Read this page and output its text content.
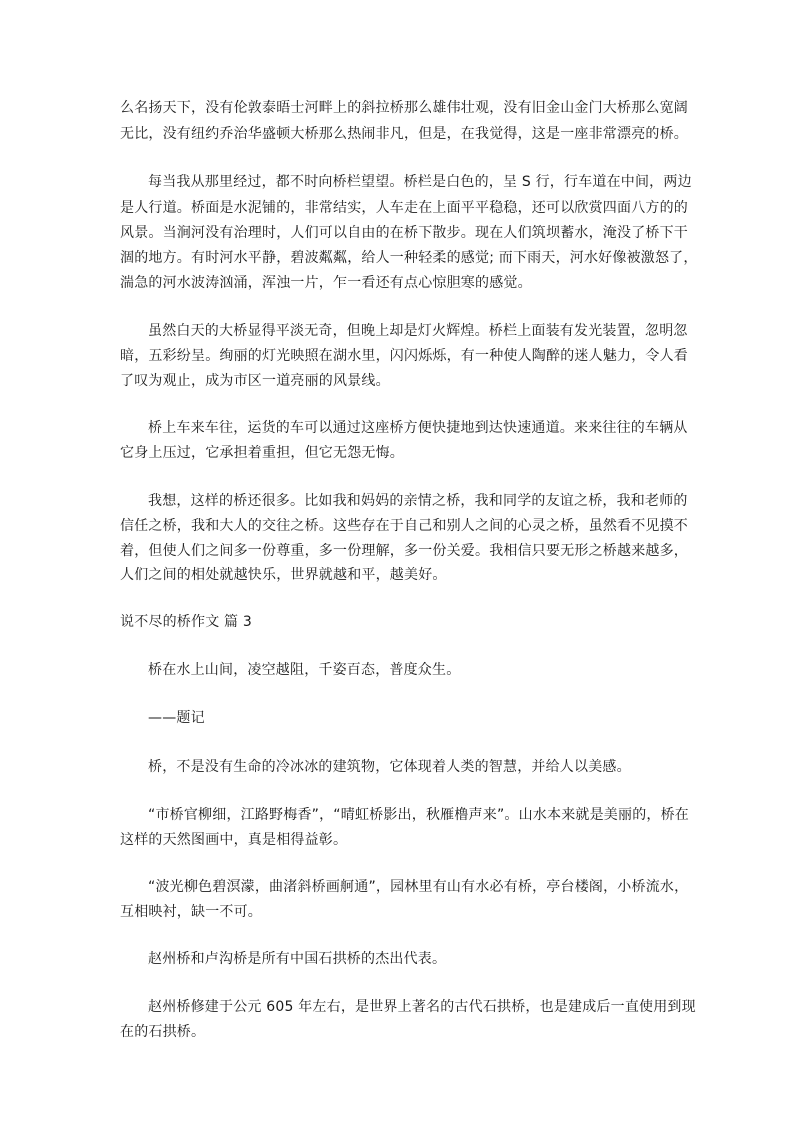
么名扬天下，没有伦敦泰晤士河畔上的斜拉桥那么雄伟壮观，没有旧金山金门大桥那么宽阔
无比，没有纽约乔治华盛顿大桥那么热闹非凡，但是，在我觉得，这是一座非常漂亮的桥。
每当我从那里经过，都不时向桥栏望望。桥栏是白色的，呈 S 行，行车道在中间，两边
是人行道。桥面是水泥铺的，非常结实，人车走在上面平平稳稳，还可以欣赏四面八方的的
风景。当涧河没有治理时，人们可以自由的在桥下散步。现在人们筑坝蓄水，淹没了桥下干
涸的地方。有时河水平静，碧波粼粼，给人一种轻柔的感觉; 而下雨天，河水好像被激怒了，
湍急的河水波涛汹涌，浑浊一片，乍一看还有点心惊胆寒的感觉。
虽然白天的大桥显得平淡无奇，但晚上却是灯火辉煌。桥栏上面装有发光装置，忽明忽
暗，五彩纷呈。绚丽的灯光映照在湖水里，闪闪烁烁，有一种使人陶醉的迷人魅力，令人看
了叹为观止，成为市区一道亮丽的风景线。
桥上车来车往，运货的车可以通过这座桥方便快捷地到达快速通道。来来往往的车辆从
它身上压过，它承担着重担，但它无怨无悔。
我想，这样的桥还很多。比如我和妈妈的亲情之桥，我和同学的友谊之桥，我和老师的
信任之桥，我和大人的交往之桥。这些存在于自己和别人之间的心灵之桥，虽然看不见摸不
着，但使人们之间多一份尊重，多一份理解，多一份关爱。我相信只要无形之桥越来越多，
人们之间的相处就越快乐，世界就越和平，越美好。
说不尽的桥作文 篇 3
桥在水上山间，凌空越阻，千姿百态，普度众生。
——题记
桥，不是没有生命的冷冰冰的建筑物，它体现着人类的智慧，并给人以美感。
“市桥官柳细，江路野梅香”，“晴虹桥影出，秋雁橹声来”。山水本来就是美丽的，桥在
这样的天然图画中，真是相得益彰。
“波光柳色碧溟濛，曲渚斜桥画舸通”，园林里有山有水必有桥，亭台楼阁，小桥流水，
互相映衬，缺一不可。
赵州桥和卢沟桥是所有中国石拱桥的杰出代表。
赵州桥修建于公元 605 年左右，是世界上著名的古代石拱桥，也是建成后一直使用到现
在的石拱桥。
